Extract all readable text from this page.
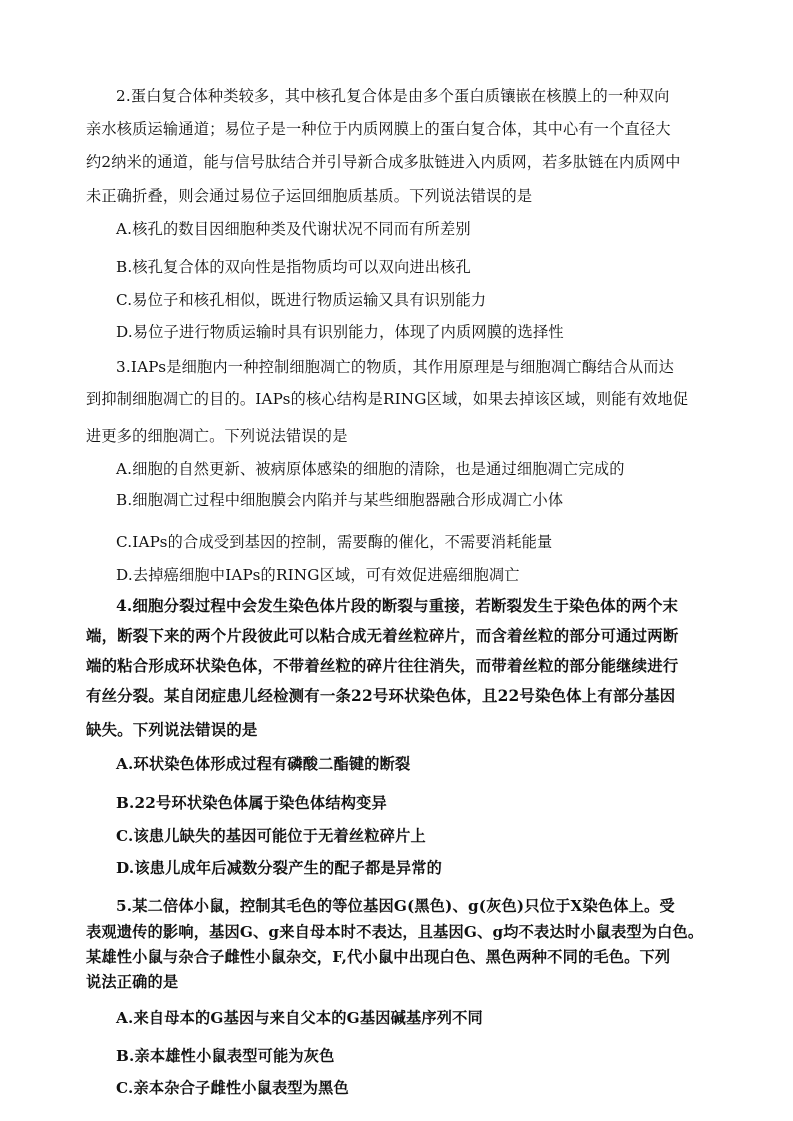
2.蛋白复合体种类较多，其中核孔复合体是由多个蛋白质镶嵌在核膜上的一种双向
亲水核质运输通道；易位子是一种位于内质网膜上的蛋白复合体，其中心有一个直径大
约2纳米的通道，能与信号肽结合并引导新合成多肽链进入内质网，若多肽链在内质网中
未正确折叠，则会通过易位子运回细胞质基质。下列说法错误的是
A.核孔的数目因细胞种类及代谢状况不同而有所差别
B.核孔复合体的双向性是指物质均可以双向进出核孔
C.易位子和核孔相似，既进行物质运输又具有识别能力
D.易位子进行物质运输时具有识别能力，体现了内质网膜的选择性
3.IAPs是细胞内一种控制细胞凋亡的物质，其作用原理是与细胞凋亡酶结合从而达
到抑制细胞凋亡的目的。IAPs的核心结构是RING区域，如果去掉该区域，则能有效地促
进更多的细胞凋亡。下列说法错误的是
A.细胞的自然更新、被病原体感染的细胞的清除，也是通过细胞凋亡完成的
B.细胞凋亡过程中细胞膜会内陷并与某些细胞器融合形成凋亡小体
C.IAPs的合成受到基因的控制，需要酶的催化，不需要消耗能量
D.去掉癌细胞中IAPs的RING区域，可有效促进癌细胞凋亡
4.细胞分裂过程中会发生染色体片段的断裂与重接，若断裂发生于染色体的两个末
端，断裂下来的两个片段彼此可以粘合成无着丝粒碎片，而含着丝粒的部分可通过两断
端的粘合形成环状染色体，不带着丝粒的碎片往往消失，而带着丝粒的部分能继续进行
有丝分裂。某自闭症患儿经检测有一条22号环状染色体，且22号染色体上有部分基因
缺失。下列说法错误的是
A.环状染色体形成过程有磷酸二酯键的断裂
B.22号环状染色体属于染色体结构变异
C.该患儿缺失的基因可能位于无着丝粒碎片上
D.该患儿成年后减数分裂产生的配子都是异常的
5.某二倍体小鼠，控制其毛色的等位基因G(黑色)、g(灰色)只位于X染色体上。受
表观遗传的影响，基因G、g来自母本时不表达，且基因G、g均不表达时小鼠表型为白色。
某雄性小鼠与杂合子雌性小鼠杂交，F,代小鼠中出现白色、黑色两种不同的毛色。下列
说法正确的是
A.来自母本的G基因与来自父本的G基因碱基序列不同
B.亲本雄性小鼠表型可能为灰色
C.亲本杂合子雌性小鼠表型为黑色
